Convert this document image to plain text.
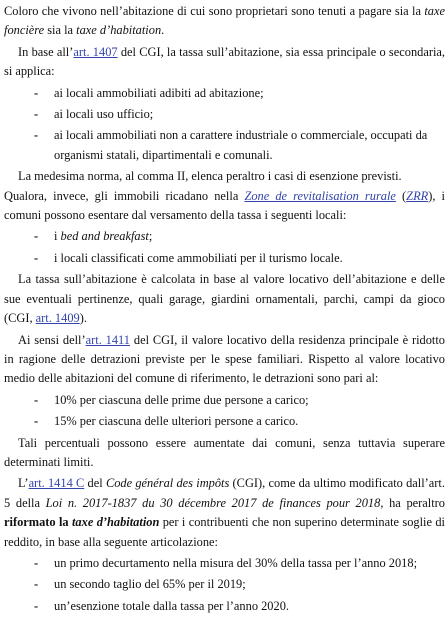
Coloro che vivono nell’abitazione di cui sono proprietari sono tenuti a pagare sia la taxe foncière sia la taxe d’habitation.

In base all’art. 1407 del CGI, la tassa sull’abitazione, sia essa principale o secondaria, si applica:

- ai locali ammobiliati adibiti ad abitazione;
- ai locali uso ufficio;
- ai locali ammobiliati non a carattere industriale o commerciale, occupati da organismi statali, dipartimentali e comunali.

La medesima norma, al comma II, elenca peraltro i casi di esenzione previsti.

Qualora, invece, gli immobili ricadano nella Zone de revitalisation rurale (ZRR), i comuni possono esentare dal versamento della tassa i seguenti locali:

- i bed and breakfast;
- i locali classificati come ammobiliati per il turismo locale.

La tassa sull’abitazione è calcolata in base al valore locativo dell’abitazione e delle sue eventuali pertinenze, quali garage, giardini ornamentali, parchi, campi da gioco (CGI, art. 1409).

Ai sensi dell’art. 1411 del CGI, il valore locativo della residenza principale è ridotto in ragione delle detrazioni previste per le spese familiari. Rispetto al valore locativo medio delle abitazioni del comune di riferimento, le detrazioni sono pari al:

- 10% per ciascuna delle prime due persone a carico;
- 15% per ciascuna delle ulteriori persone a carico.

Tali percentuali possono essere aumentate dai comuni, senza tuttavia superare determinati limiti.

L’art. 1414 C del Code général des impôts (CGI), come da ultimo modificato dall’art. 5 della Loi n. 2017-1837 du 30 décembre 2017 de finances pour 2018, ha peraltro riformato la taxe d’habitation per i contribuenti che non superino determinate soglie di reddito, in base alla seguente articolazione:

- un primo decurtamento nella misura del 30% della tassa per l’anno 2018;
- un secondo taglio del 65% per il 2019;
- un’esenzione totale dalla tassa per l’anno 2020.
